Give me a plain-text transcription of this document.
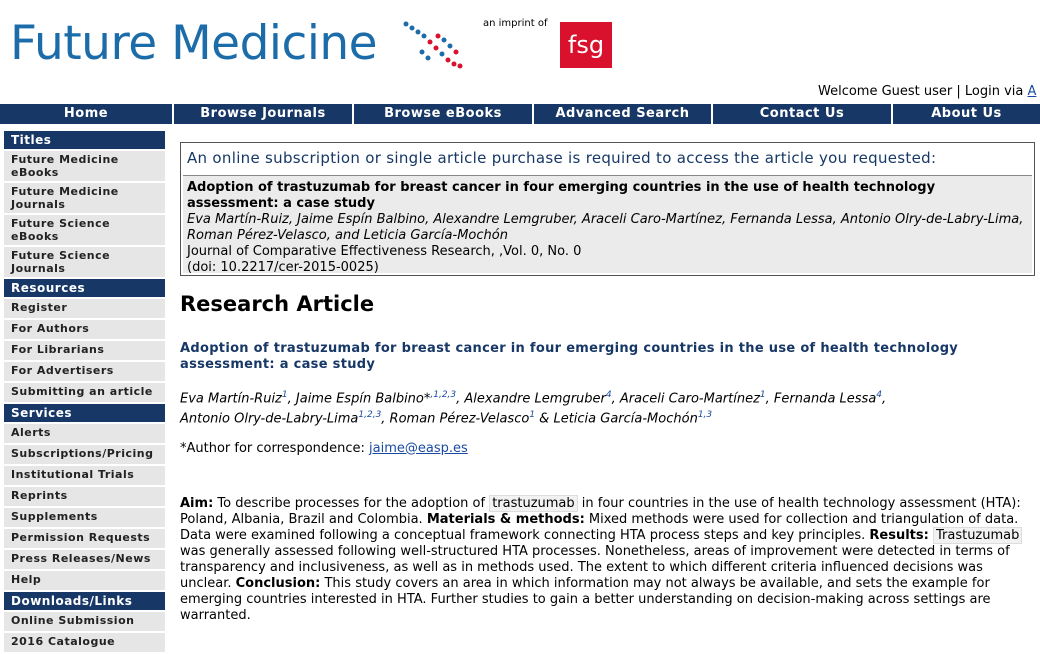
Future Medicine	an imprint of
fsg
Welcome Guest user | Login via A
Home	Browse Journals	Browse eBooks	Advanced Search	Contact Us	About Us
Titles
Future Medicine eBooks
Future Medicine Journals
Future Science eBooks
Future Science Journals
Resources
Register
For Authors
For Librarians
For Advertisers
Submitting an article
Services
Alerts
Subscriptions/Pricing
Institutional Trials
Reprints
Supplements
Permission Requests
Press Releases/News
Help
Downloads/Links
Online Submission
2016 Catalogue
An online subscription or single article purchase is required to access the article you requested:
Adoption of trastuzumab for breast cancer in four emerging countries in the use of health technology assessment: a case study
Eva Martín-Ruiz, Jaime Espín Balbino, Alexandre Lemgruber, Araceli Caro-Martínez, Fernanda Lessa, Antonio Olry-de-Labry-Lima, Roman Pérez-Velasco, and Leticia García-Mochón
Journal of Comparative Effectiveness Research, ,Vol. 0, No. 0
(doi: 10.2217/cer-2015-0025)
Research Article
Adoption of trastuzumab for breast cancer in four emerging countries in the use of health technology assessment: a case study
Eva Martín-Ruiz$^1$, Jaime Espín Balbino*$^{,1,2,3}$, Alexandre Lemgruber$^4$, Araceli Caro-Martínez$^1$, Fernanda Lessa$^4$,
Antonio Olry-de-Labry-Lima$^{1,2,3}$, Roman Pérez-Velasco$^1$ & Leticia García-Mochón$^{1,3}$
*Author for correspondence: jaime@easp.es
Aim: To describe processes for the adoption of trastuzumab in four countries in the use of health technology assessment (HTA): Poland, Albania, Brazil and Colombia. Materials & methods: Mixed methods were used for collection and triangulation of data. Data were examined following a conceptual framework connecting HTA process steps and key principles. Results: Trastuzumab was generally assessed following well-structured HTA processes. Nonetheless, areas of improvement were detected in terms of transparency and inclusiveness, as well as in methods used. The extent to which different criteria influenced decisions was unclear. Conclusion: This study covers an area in which information may not always be available, and sets the example for emerging countries interested in HTA. Further studies to gain a better understanding on decision-making across settings are warranted.
